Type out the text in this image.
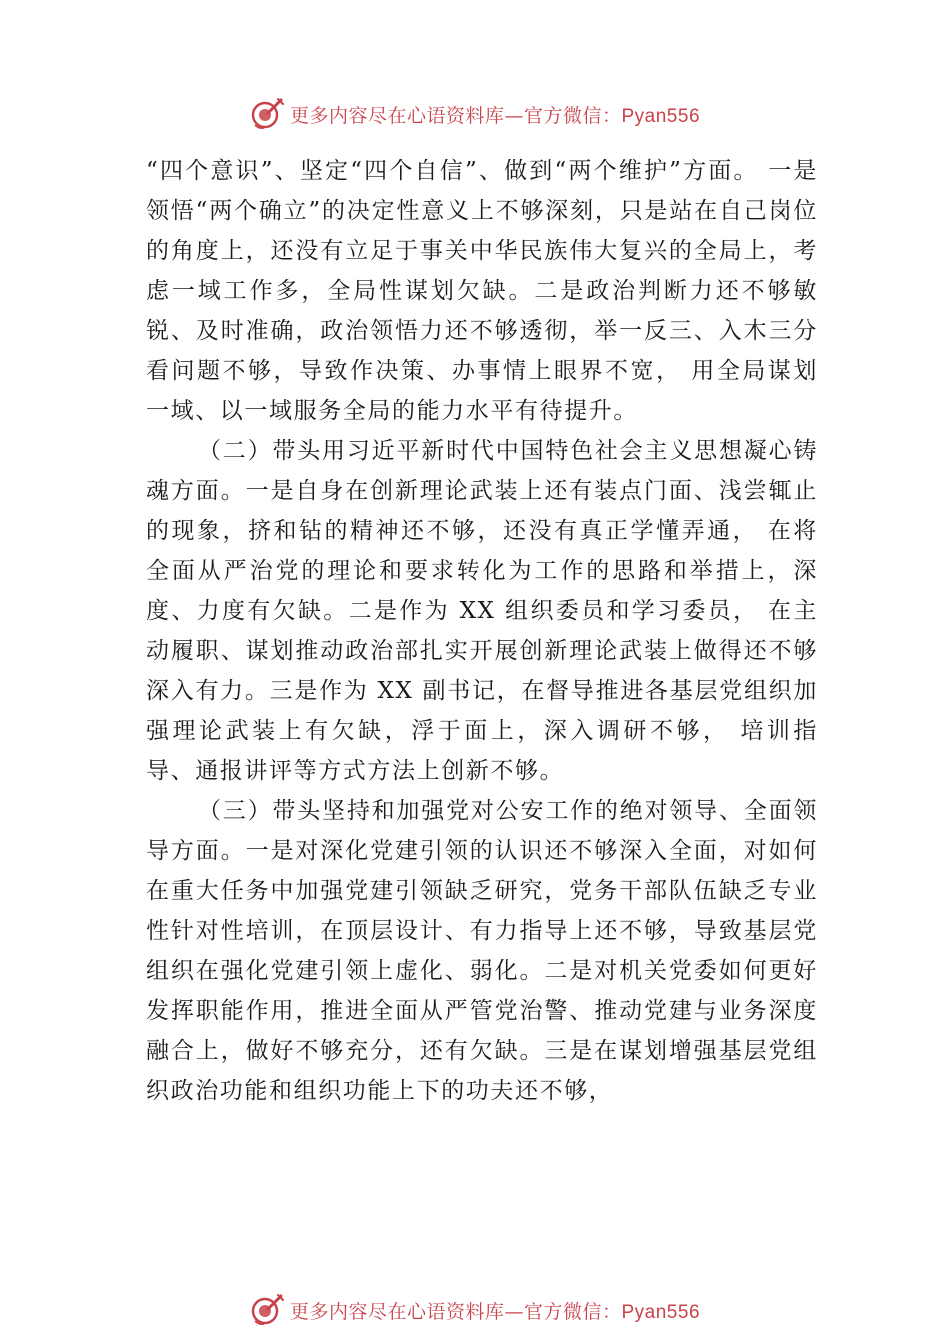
更多内容尽在心语资料库—官方微信：Pyan556

“四个意识”、坚定“四个自信”、做到“两个维护”方面。 一是领悟“两个确立”的决定性意义上不够深刻，只是站在自己岗位的角度上，还没有立足于事关中华民族伟大复兴的全局上，考虑一域工作多，全局性谋划欠缺。二是政治判断力还不够敏锐、及时准确，政治领悟力还不够透彻，举一反三、入木三分看问题不够，导致作决策、办事情上眼界不宽， 用全局谋划一域、以一域服务全局的能力水平有待提升。

（二）带头用习近平新时代中国特色社会主义思想凝心铸魂方面。一是自身在创新理论武装上还有装点门面、浅尝辄止的现象，挤和钻的精神还不够，还没有真正学懂弄通， 在将全面从严治党的理论和要求转化为工作的思路和举措上，深度、力度有欠缺。二是作为 XX 组织委员和学习委员， 在主动履职、谋划推动政治部扎实开展创新理论武装上做得还不够深入有力。三是作为 XX 副书记，在督导推进各基层党组织加强理论武装上有欠缺，浮于面上，深入调研不够， 培训指导、通报讲评等方式方法上创新不够。

（三）带头坚持和加强党对公安工作的绝对领导、全面领导方面。一是对深化党建引领的认识还不够深入全面，对如何在重大任务中加强党建引领缺乏研究，党务干部队伍缺乏专业性针对性培训，在顶层设计、有力指导上还不够，导致基层党组织在强化党建引领上虚化、弱化。二是对机关党委如何更好发挥职能作用，推进全面从严管党治警、推动党建与业务深度融合上，做好不够充分，还有欠缺。三是在谋划增强基层党组织政治功能和组织功能上下的功夫还不够，

更多内容尽在心语资料库—官方微信：Pyan556
